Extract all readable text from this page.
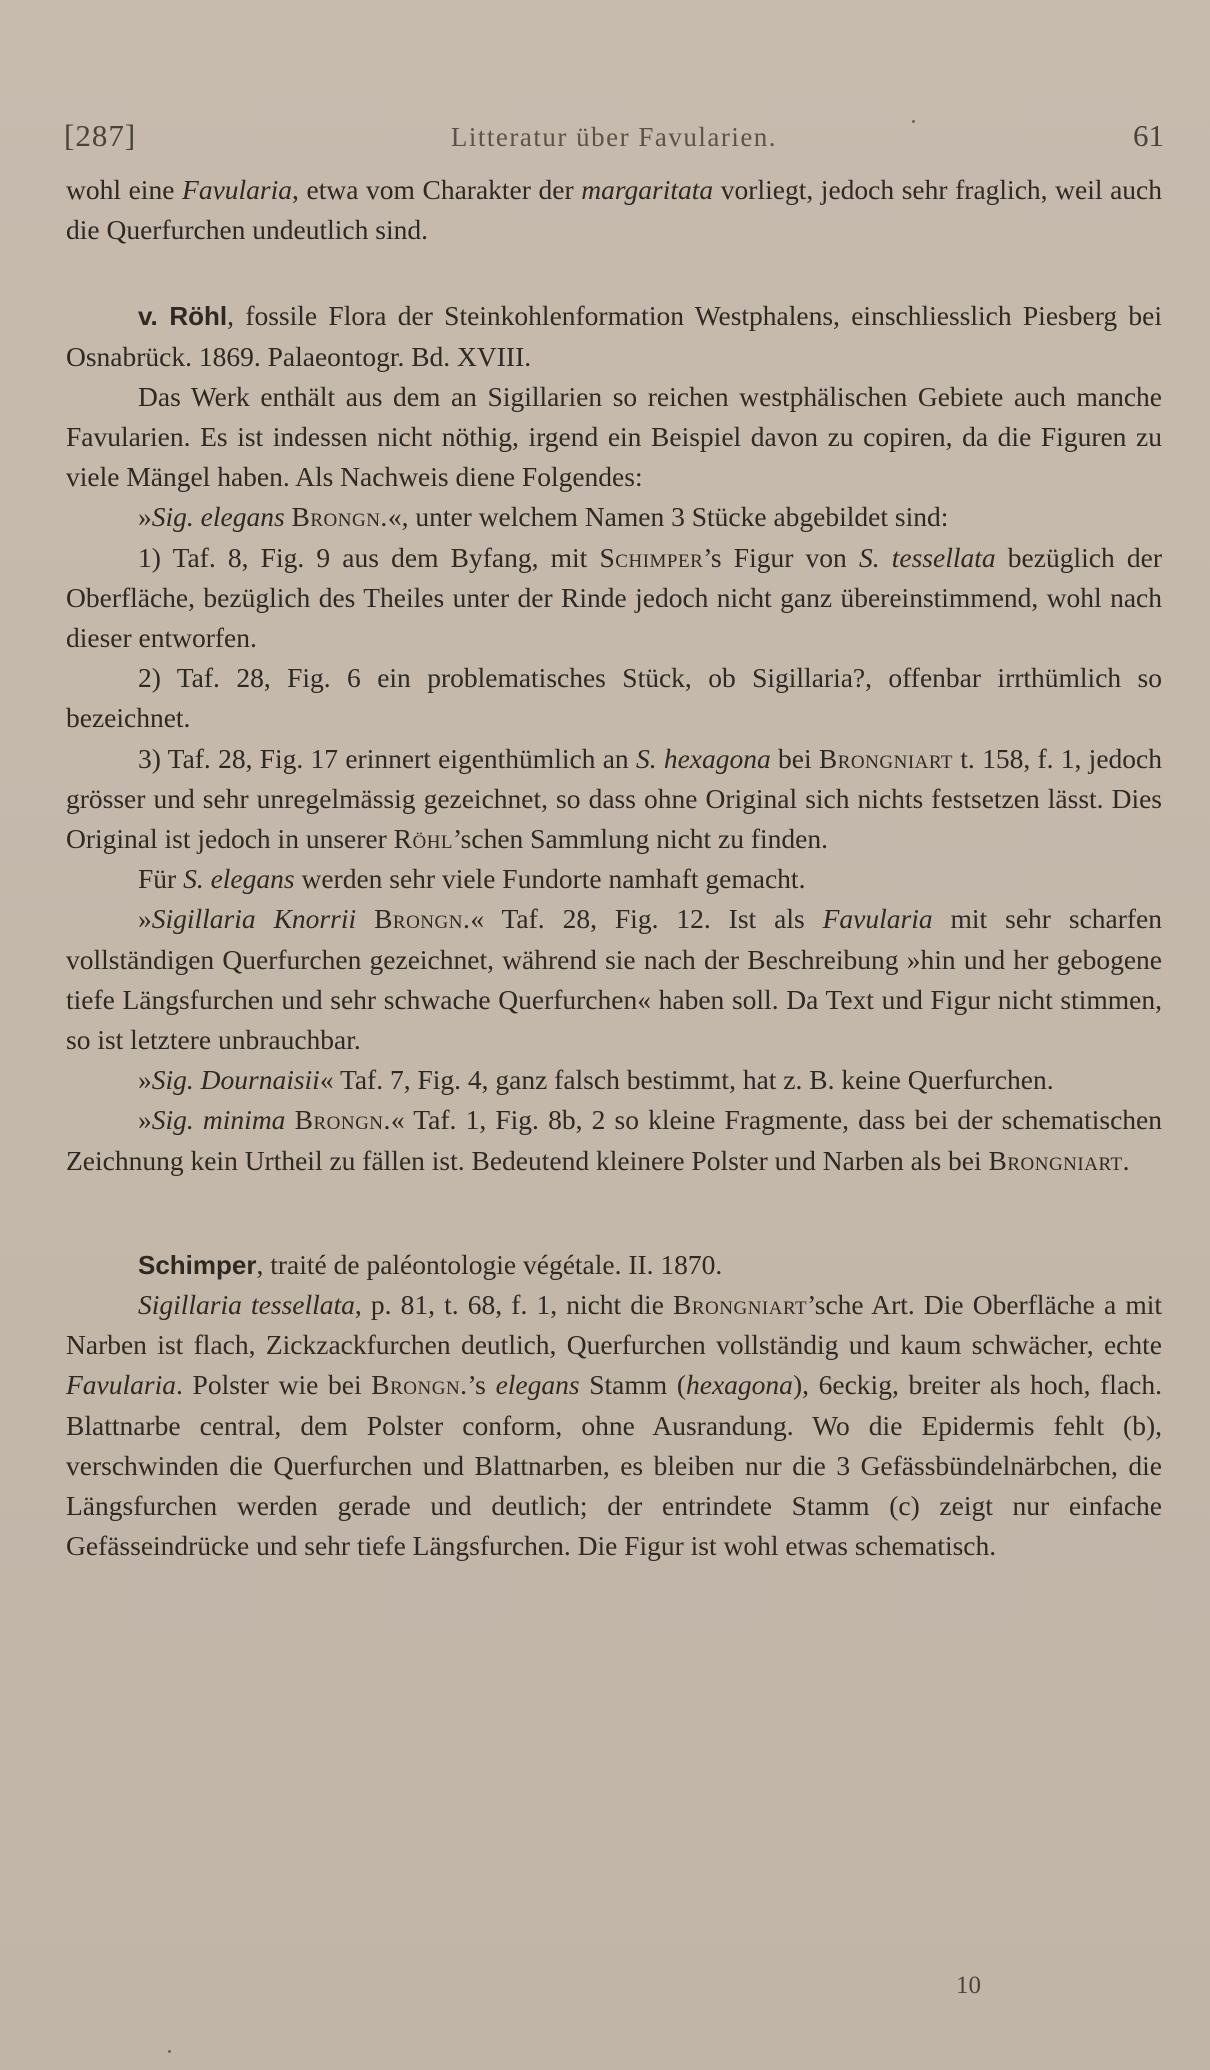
[287]	Litteratur über Favularien.	61

wohl eine Favularia, etwa vom Charakter der margaritata vorliegt, jedoch sehr fraglich, weil auch die Querfurchen undeutlich sind.

v. Röhl, fossile Flora der Steinkohlenformation Westphalens, einschliesslich Piesberg bei Osnabrück. 1869. Palaeontogr. Bd. XVIII.

Das Werk enthält aus dem an Sigillarien so reichen westphälischen Gebiete auch manche Favularien. Es ist indessen nicht nöthig, irgend ein Beispiel davon zu copiren, da die Figuren zu viele Mängel haben. Als Nachweis diene Folgendes:

»Sig. elegans Brongn.«, unter welchem Namen 3 Stücke abgebildet sind:

1) Taf. 8, Fig. 9 aus dem Byfang, mit Schimper’s Figur von S. tessellata bezüglich der Oberfläche, bezüglich des Theiles unter der Rinde jedoch nicht ganz übereinstimmend, wohl nach dieser entworfen.

2) Taf. 28, Fig. 6 ein problematisches Stück, ob Sigillaria?, offenbar irrthümlich so bezeichnet.

3) Taf. 28, Fig. 17 erinnert eigenthümlich an S. hexagona bei Brongniart t. 158, f. 1, jedoch grösser und sehr unregelmässig gezeichnet, so dass ohne Original sich nichts festsetzen lässt. Dies Original ist jedoch in unserer Röhl’schen Sammlung nicht zu finden.

Für S. elegans werden sehr viele Fundorte namhaft gemacht.

»Sigillaria Knorrii Brongn.« Taf. 28, Fig. 12. Ist als Favularia mit sehr scharfen vollständigen Querfurchen gezeichnet, während sie nach der Beschreibung »hin und her gebogene tiefe Längsfurchen und sehr schwache Querfurchen« haben soll. Da Text und Figur nicht stimmen, so ist letztere unbrauchbar.

»Sig. Dournaisii« Taf. 7, Fig. 4, ganz falsch bestimmt, hat z. B. keine Querfurchen.

»Sig. minima Brongn.« Taf. 1, Fig. 8b, 2 so kleine Fragmente, dass bei der schematischen Zeichnung kein Urtheil zu fällen ist. Bedeutend kleinere Polster und Narben als bei Brongniart.

Schimper, traité de paléontologie végétale. II. 1870.

Sigillaria tessellata, p. 81, t. 68, f. 1, nicht die Brongniart’sche Art. Die Oberfläche a mit Narben ist flach, Zickzackfurchen deutlich, Querfurchen vollständig und kaum schwächer, echte Favularia. Polster wie bei Brongn.’s elegans Stamm (hexagona), 6eckig, breiter als hoch, flach. Blattnarbe central, dem Polster conform, ohne Ausrandung. Wo die Epidermis fehlt (b), verschwinden die Querfurchen und Blattnarben, es bleiben nur die 3 Gefässbündelnärbchen, die Längsfurchen werden gerade und deutlich; der entrindete Stamm (c) zeigt nur einfache Gefässeindrücke und sehr tiefe Längsfurchen. Die Figur ist wohl etwas schematisch.

10
